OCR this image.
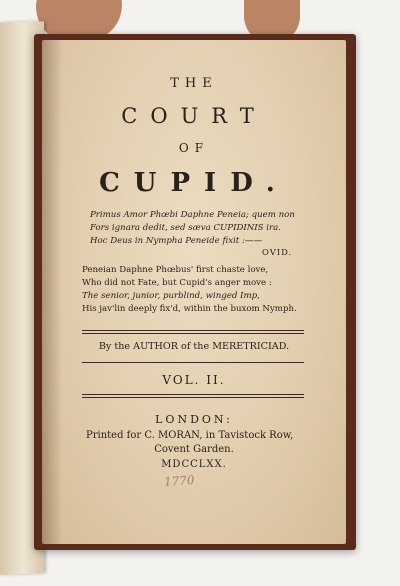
THE
COURT
OF
CUPID.
Primus Amor Phœbi Daphne Peneia; quem non
Fors ignara dedit, sed sæva CUPIDINIS ira.
Hoc Deus in Nympha Peneide fixit :——
OVID.
Peneian Daphne Phœbus' first chaste love,
Who did not Fate, but Cupid's anger move :
The senior, junior, purblind, winged Imp,
His jav'lin deeply fix'd, within the buxom Nymph.
By the AUTHOR of the MERETRICIAD.
VOL. II.
LONDON:
Printed for C. MORAN, in Tavistock Row,
Covent Garden.
MDCCLXX.
1770
